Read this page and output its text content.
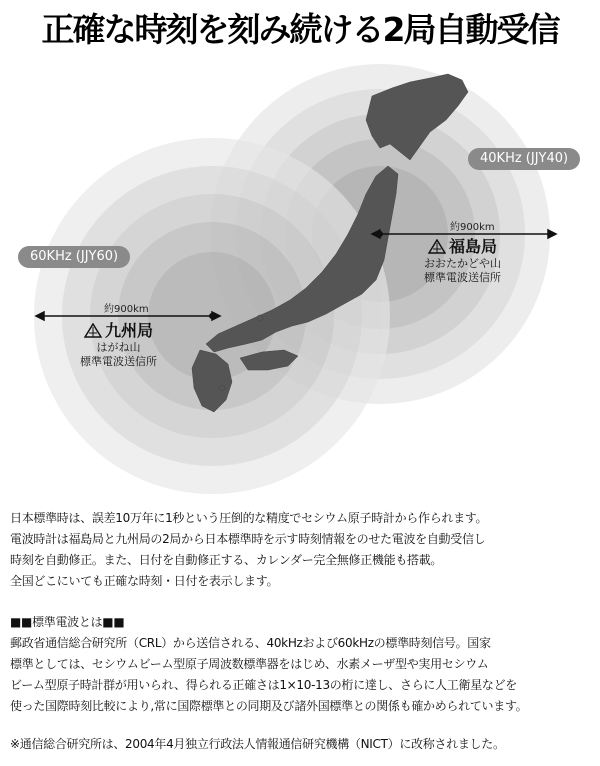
正確な時刻を刻み続ける2局自動受信
60KHz (JJY60)
40KHz (JJY40)
約900km
約900km
九州局
はがね山
標準電波送信所
福島局
おおたかどや山
標準電波送信所

日本標準時は、誤差10万年に1秒という圧倒的な精度でセシウム原子時計から作られます。

電波時計は福島局と九州局の2局から日本標準時を示す時刻情報をのせた電波を自動受信し

時刻を自動修正。また、日付を自動修正する、カレンダー完全無修正機能も搭載。

全国どこにいても正確な時刻・日付を表示します。

■■標準電波とは■■

郵政省通信総合研究所（CRL）から送信される、40kHzおよび60kHzの標準時刻信号。国家

標準としては、セシウムビーム型原子周波数標準器をはじめ、水素メーザ型や実用セシウム

ビーム型原子時計群が用いられ、得られる正確さは1×10-13の桁に達し、さらに人工衛星などを

使った国際時刻比較により,常に国際標準との同期及び諸外国標準との関係も確かめられています。

※通信総合研究所は、2004年4月独立行政法人情報通信研究機構（NICT）に改称されました。
